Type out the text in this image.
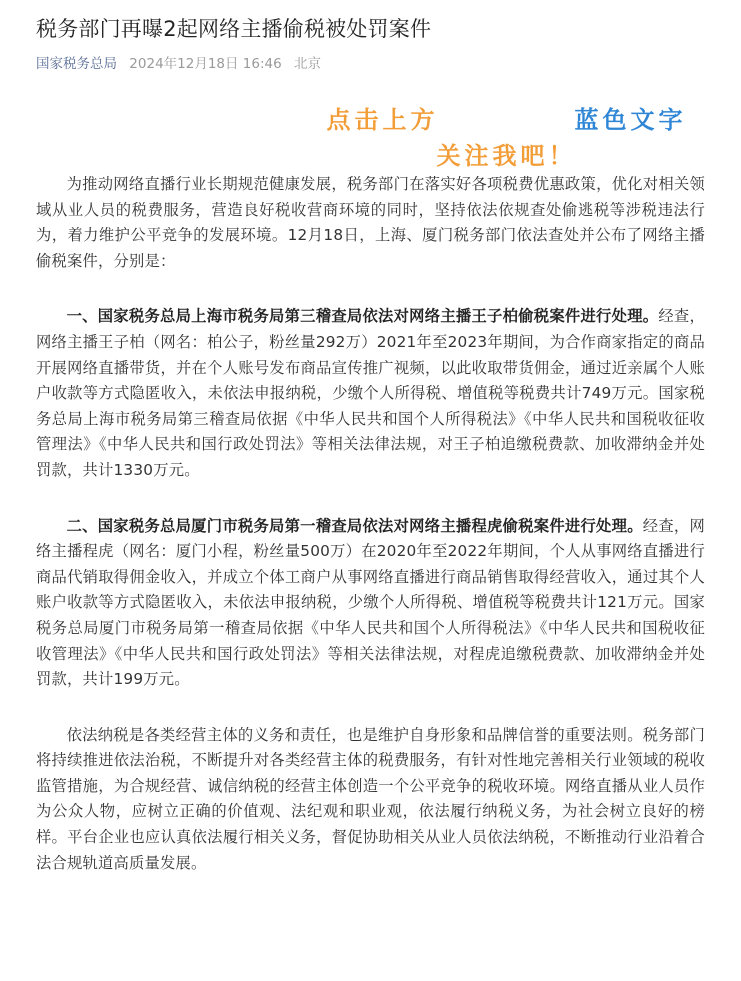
税务部门再曝2起网络主播偷税被处罚案件
国家税务总局 2024年12月18日 16:46 北京
点击上方	蓝色文字关注我吧！

为推动网络直播行业长期规范健康发展，税务部门在落实好各项税费优惠政策，优化对相关领域从业人员的税费服务，营造良好税收营商环境的同时，坚持依法依规查处偷逃税等涉税违法行为，着力维护公平竞争的发展环境。12月18日，上海、厦门税务部门依法查处并公布了网络主播偷税案件，分别是：

一、国家税务总局上海市税务局第三稽查局依法对网络主播王子柏偷税案件进行处理。经查，网络主播王子柏（网名：柏公子，粉丝量292万）2021年至2023年期间，为合作商家指定的商品开展网络直播带货，并在个人账号发布商品宣传推广视频，以此收取带货佣金，通过近亲属个人账户收款等方式隐匿收入，未依法申报纳税，少缴个人所得税、增值税等税费共计749万元。国家税务总局上海市税务局第三稽查局依据《中华人民共和国个人所得税法》《中华人民共和国税收征收管理法》《中华人民共和国行政处罚法》等相关法律法规，对王子柏追缴税费款、加收滞纳金并处罚款，共计1330万元。

二、国家税务总局厦门市税务局第一稽查局依法对网络主播程虎偷税案件进行处理。经查，网络主播程虎（网名：厦门小程，粉丝量500万）在2020年至2022年期间，个人从事网络直播进行商品代销取得佣金收入，并成立个体工商户从事网络直播进行商品销售取得经营收入，通过其个人账户收款等方式隐匿收入，未依法申报纳税，少缴个人所得税、增值税等税费共计121万元。国家税务总局厦门市税务局第一稽查局依据《中华人民共和国个人所得税法》《中华人民共和国税收征收管理法》《中华人民共和国行政处罚法》等相关法律法规，对程虎追缴税费款、加收滞纳金并处罚款，共计199万元。

依法纳税是各类经营主体的义务和责任，也是维护自身形象和品牌信誉的重要法则。税务部门将持续推进依法治税，不断提升对各类经营主体的税费服务，有针对性地完善相关行业领域的税收监管措施，为合规经营、诚信纳税的经营主体创造一个公平竞争的税收环境。网络直播从业人员作为公众人物，应树立正确的价值观、法纪观和职业观，依法履行纳税义务，为社会树立良好的榜样。平台企业也应认真依法履行相关义务，督促协助相关从业人员依法纳税，不断推动行业沿着合法合规轨道高质量发展。
